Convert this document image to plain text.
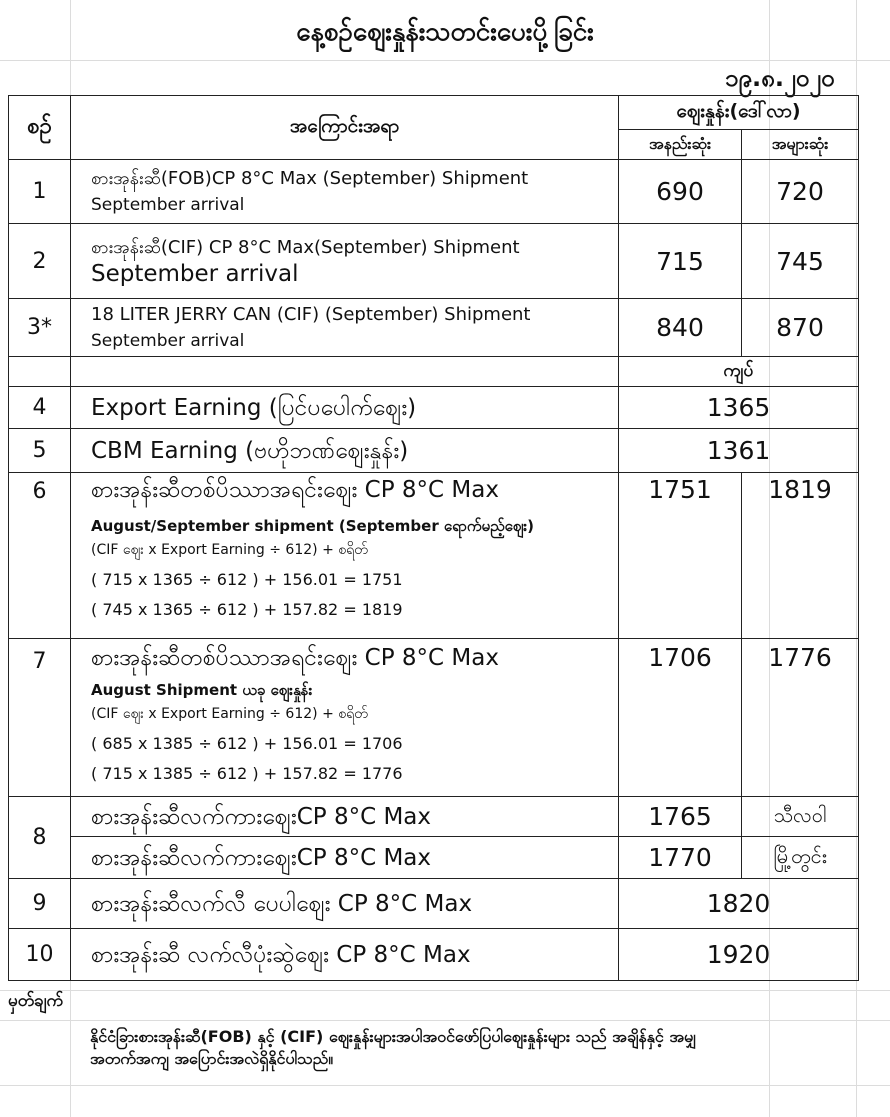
နေ့စဉ်ဈေးနှုန်းသတင်းပေးပို့ခြင်း
၁၉.၈.၂၀၂၀
စဉ်	အကြောင်းအရာ	ဈေးနှုန်း(ဒေါ်လာ)	
		အနည်းဆုံး	အများဆုံး
1	စားအုန်းဆီ(FOB)CP 8°C Max (September) Shipment
September arrival	690	720
2	စားအုန်းဆီ(CIF) CP 8°C Max(September) Shipment
September arrival	715	745
3*	18 LITER JERRY CAN (CIF) (September) Shipment
September arrival	840	870
		ကျပ်	
4	Export Earning (ပြင်ပပေါက်ဈေး)	1365	
5	CBM Earning (ဗဟိုဘဏ်ဈေးနှုန်း)	1361	
6	စားအုန်းဆီတစ်ပိဿာအရင်းဈေး CP 8°C Max
August/September shipment (September ရောက်မည့်ဈေး)
(CIF ဈေး x Export Earning ÷ 612) + စရိတ်
( 715 x 1365 ÷ 612 ) + 156.01 = 1751
( 745 x 1365 ÷ 612 ) + 157.82 = 1819	1751	1819
7	စားအုန်းဆီတစ်ပိဿာအရင်းဈေး CP 8°C Max
August Shipment ယခု ဈေးနှုန်း
(CIF ဈေး x Export Earning ÷ 612) + စရိတ်
( 685 x 1385 ÷ 612 ) + 156.01 = 1706
( 715 x 1385 ÷ 612 ) + 157.82 = 1776	1706	1776
8	စားအုန်းဆီလက်ကားဈေးCP 8°C Max	1765	သီလဝါ
	စားအုန်းဆီလက်ကားဈေးCP 8°C Max	1770	မြို့တွင်း
9	စားအုန်းဆီလက်လီ ပေပါဈေး CP 8°C Max	1820	
10	စားအုန်းဆီ လက်လီပုံးဆွဲဈေး CP 8°C Max	1920	
မှတ်ချက်
နိုင်ငံခြားစားအုန်းဆီ(FOB) နှင့် (CIF) ဈေးနှုန်းများအပါအဝင်ဖော်ပြပါဈေးနှုန်းများ သည် အချိန်နှင့် အမျှ အတက်အကျ အပြောင်းအလဲရှိနိုင်ပါသည်။
